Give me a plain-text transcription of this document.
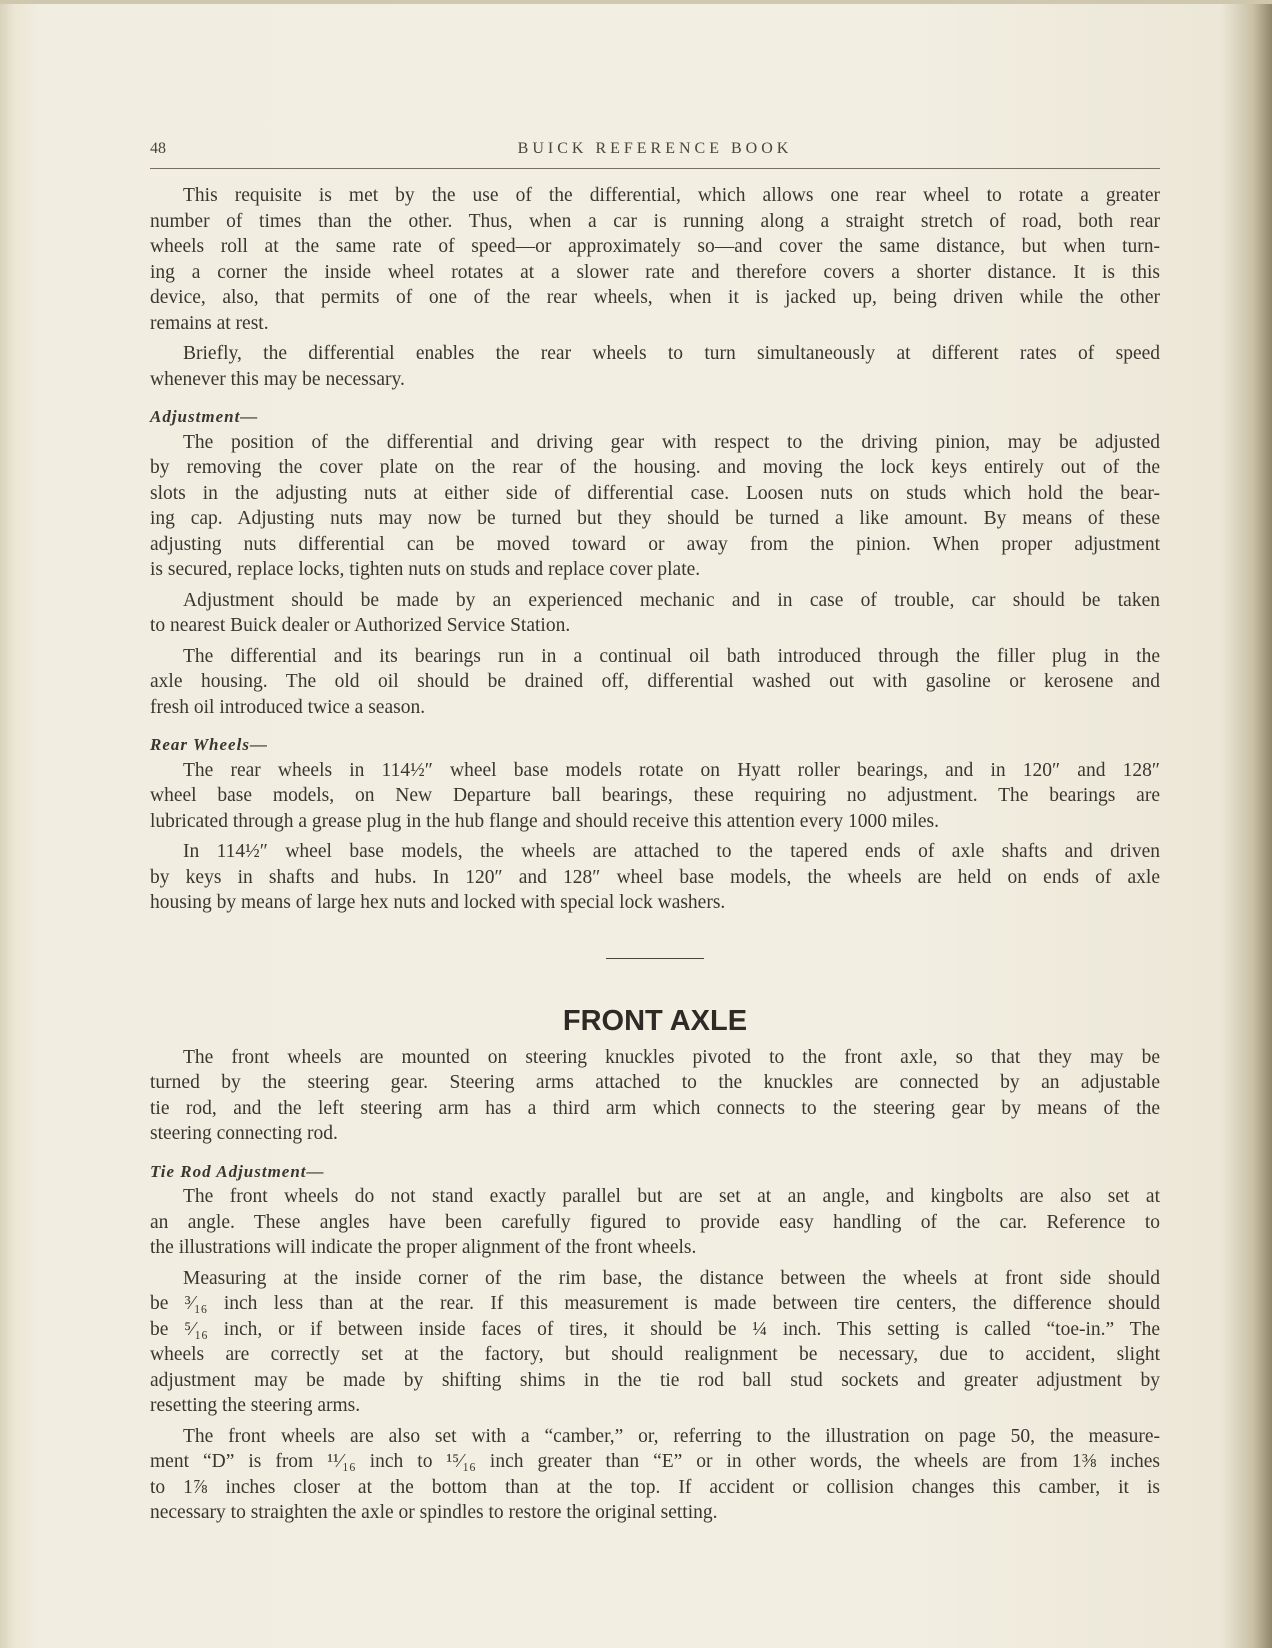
48	BUICK REFERENCE BOOK
This requisite is met by the use of the differential, which allows one rear wheel to rotate a greater
number of times than the other. Thus, when a car is running along a straight stretch of road, both rear
wheels roll at the same rate of speed—or approximately so—and cover the same distance, but when turn-
ing a corner the inside wheel rotates at a slower rate and therefore covers a shorter distance. It is this
device, also, that permits of one of the rear wheels, when it is jacked up, being driven while the other
remains at rest.
Briefly, the differential enables the rear wheels to turn simultaneously at different rates of speed
whenever this may be necessary.
Adjustment—
The position of the differential and driving gear with respect to the driving pinion, may be adjusted
by removing the cover plate on the rear of the housing. and moving the lock keys entirely out of the
slots in the adjusting nuts at either side of differential case. Loosen nuts on studs which hold the bear-
ing cap. Adjusting nuts may now be turned but they should be turned a like amount. By means of these
adjusting nuts differential can be moved toward or away from the pinion. When proper adjustment
is secured, replace locks, tighten nuts on studs and replace cover plate.
Adjustment should be made by an experienced mechanic and in case of trouble, car should be taken
to nearest Buick dealer or Authorized Service Station.
The differential and its bearings run in a continual oil bath introduced through the filler plug in the
axle housing. The old oil should be drained off, differential washed out with gasoline or kerosene and
fresh oil introduced twice a season.
Rear Wheels—
The rear wheels in 114½″ wheel base models rotate on Hyatt roller bearings, and in 120″ and 128″
wheel base models, on New Departure ball bearings, these requiring no adjustment. The bearings are
lubricated through a grease plug in the hub flange and should receive this attention every 1000 miles.
In 114½″ wheel base models, the wheels are attached to the tapered ends of axle shafts and driven
by keys in shafts and hubs. In 120″ and 128″ wheel base models, the wheels are held on ends of axle
housing by means of large hex nuts and locked with special lock washers.
FRONT AXLE
The front wheels are mounted on steering knuckles pivoted to the front axle, so that they may be
turned by the steering gear. Steering arms attached to the knuckles are connected by an adjustable
tie rod, and the left steering arm has a third arm which connects to the steering gear by means of the
steering connecting rod.
Tie Rod Adjustment—
The front wheels do not stand exactly parallel but are set at an angle, and kingbolts are also set at
an angle. These angles have been carefully figured to provide easy handling of the car. Reference to
the illustrations will indicate the proper alignment of the front wheels.
Measuring at the inside corner of the rim base, the distance between the wheels at front side should
be ³⁄₁₆ inch less than at the rear. If this measurement is made between tire centers, the difference should
be ⁵⁄₁₆ inch, or if between inside faces of tires, it should be ¼ inch. This setting is called “toe-in.” The
wheels are correctly set at the factory, but should realignment be necessary, due to accident, slight
adjustment may be made by shifting shims in the tie rod ball stud sockets and greater adjustment by
resetting the steering arms.
The front wheels are also set with a “camber,” or, referring to the illustration on page 50, the measure-
ment “D” is from ¹¹⁄₁₆ inch to ¹⁵⁄₁₆ inch greater than “E” or in other words, the wheels are from 1⅜ inches
to 1⅞ inches closer at the bottom than at the top. If accident or collision changes this camber, it is
necessary to straighten the axle or spindles to restore the original setting.
